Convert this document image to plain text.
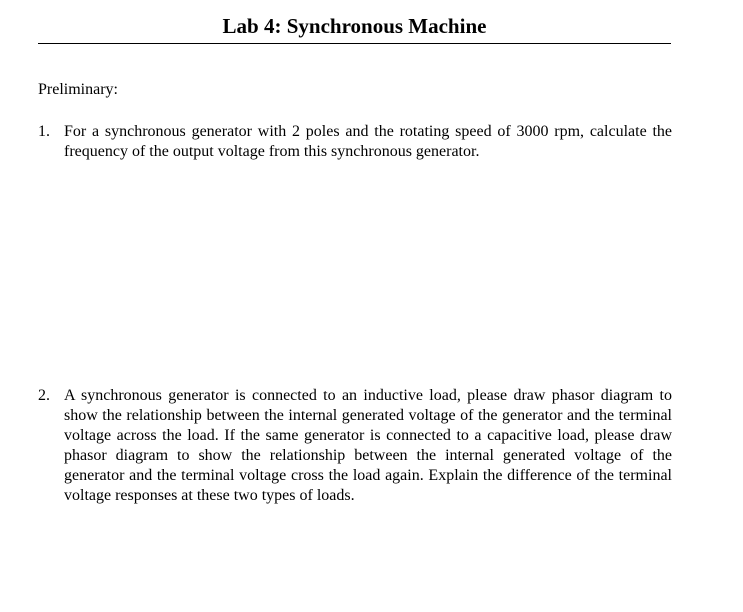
Lab 4: Synchronous Machine

Preliminary:

1. For a synchronous generator with 2 poles and the rotating speed of 3000 rpm, calculate the frequency of the output voltage from this synchronous generator.
2. A synchronous generator is connected to an inductive load, please draw phasor diagram to show the relationship between the internal generated voltage of the generator and the terminal voltage across the load. If the same generator is connected to a capacitive load, please draw phasor diagram to show the relationship between the internal generated voltage of the generator and the terminal voltage cross the load again. Explain the difference of the terminal voltage responses at these two types of loads.
